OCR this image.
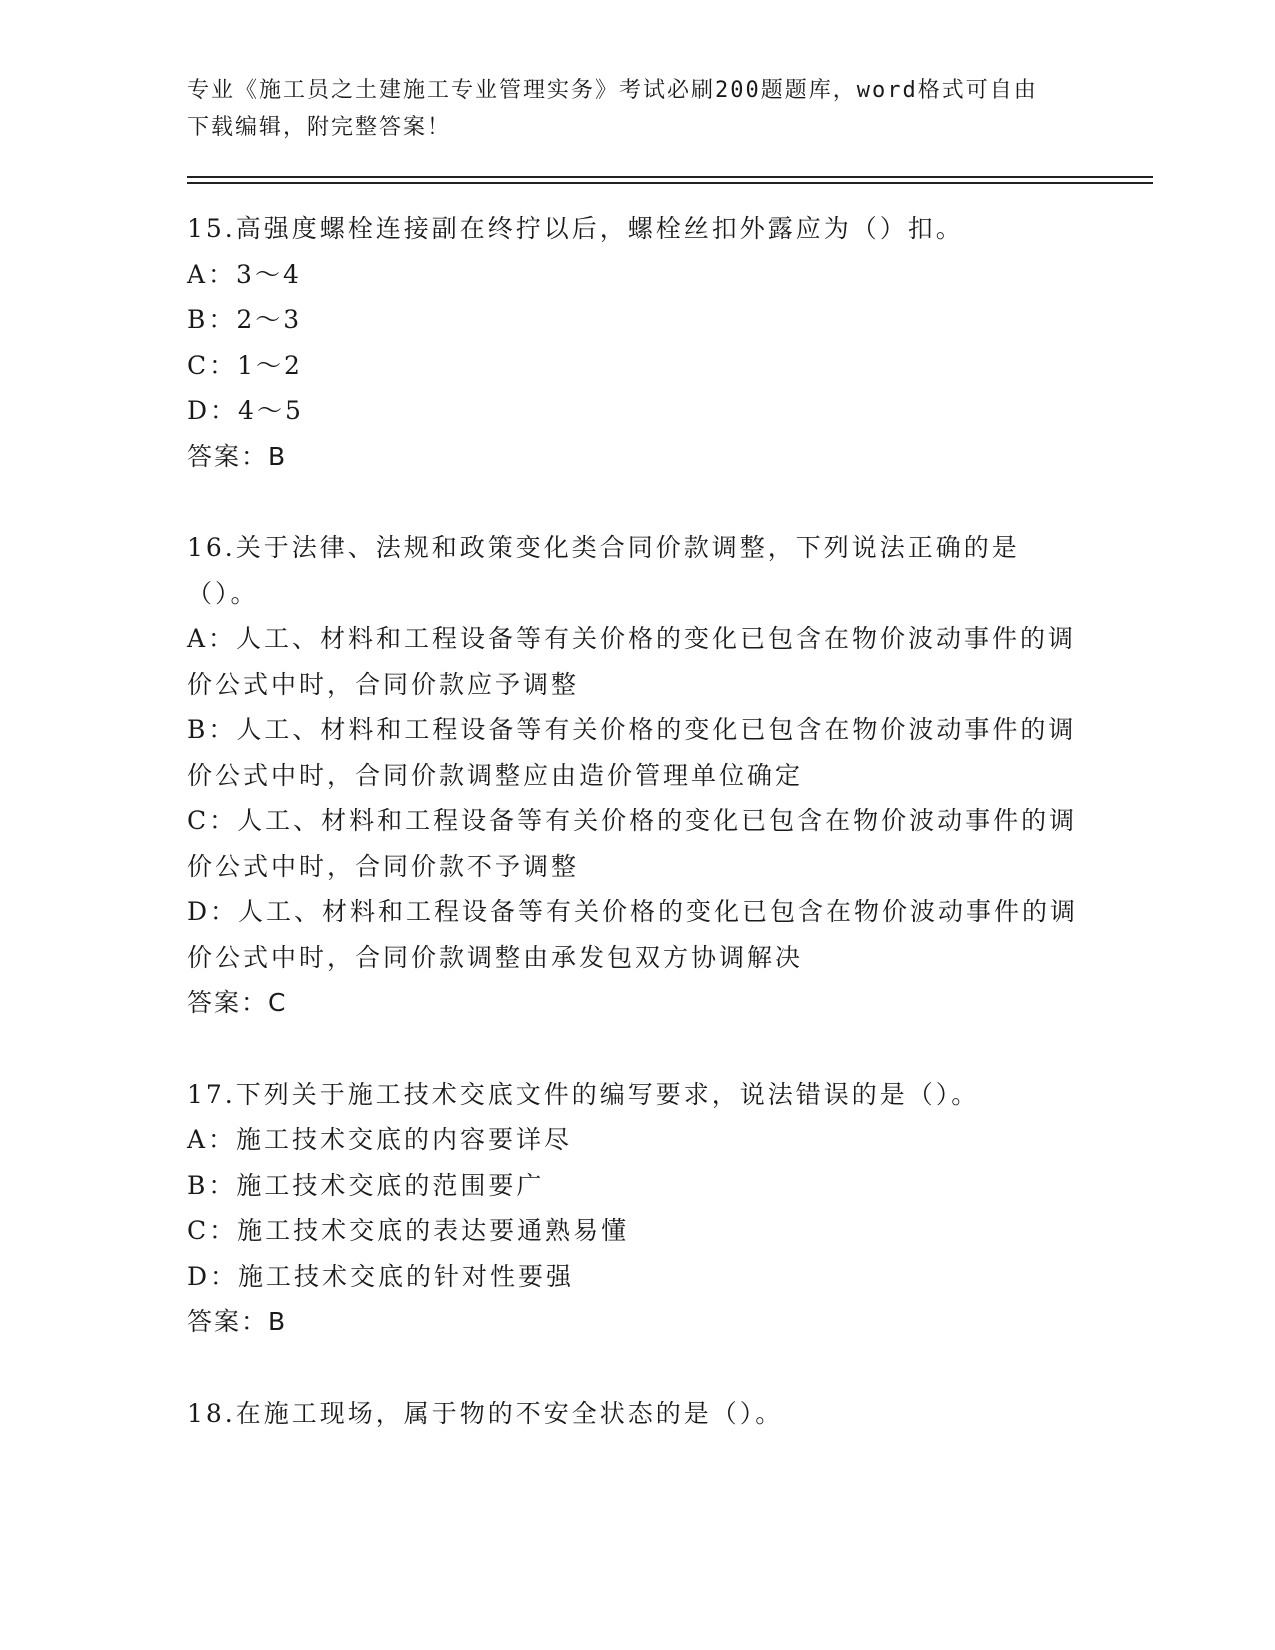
专业《施工员之土建施工专业管理实务》考试必刷200题题库，word格式可自由
下载编辑，附完整答案！
15.高强度螺栓连接副在终拧以后，螺栓丝扣外露应为（）扣。
A：3～4
B：2～3
C：1～2
D：4～5
答案：B
16.关于法律、法规和政策变化类合同价款调整，下列说法正确的是（）。
A：人工、材料和工程设备等有关价格的变化已包含在物价波动事件的调价公式中时，合同价款应予调整
B：人工、材料和工程设备等有关价格的变化已包含在物价波动事件的调价公式中时，合同价款调整应由造价管理单位确定
C：人工、材料和工程设备等有关价格的变化已包含在物价波动事件的调价公式中时，合同价款不予调整
D：人工、材料和工程设备等有关价格的变化已包含在物价波动事件的调价公式中时，合同价款调整由承发包双方协调解决
答案：C
17.下列关于施工技术交底文件的编写要求，说法错误的是（）。
A：施工技术交底的内容要详尽
B：施工技术交底的范围要广
C：施工技术交底的表达要通熟易懂
D：施工技术交底的针对性要强
答案：B
18.在施工现场，属于物的不安全状态的是（）。
